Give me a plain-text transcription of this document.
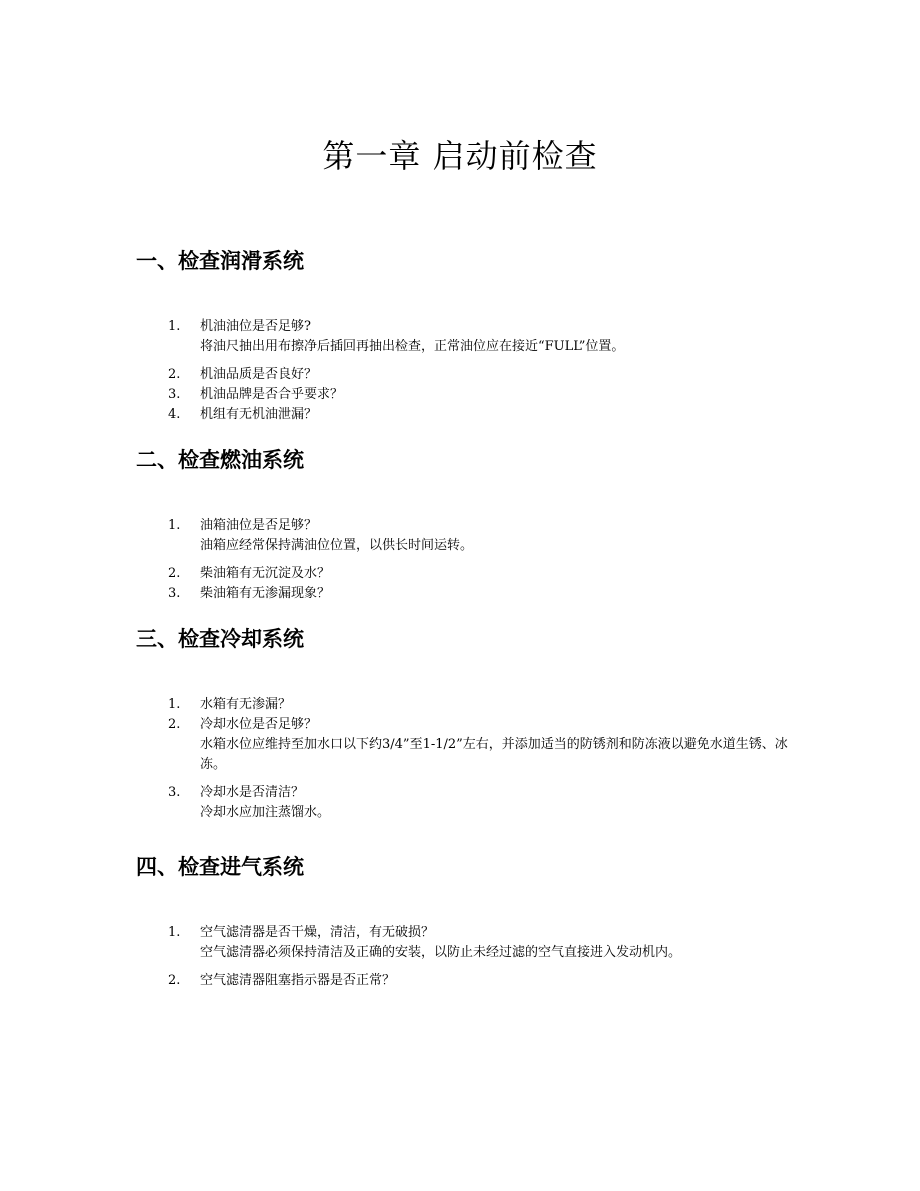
第一章 启动前检查
一、检查润滑系统
1.	机油油位是否足够?
将油尺抽出用布擦净后插回再抽出检查，正常油位应在接近“FULL”位置。
2.	机油品质是否良好？
3.	机油品牌是否合乎要求？
4.	机组有无机油泄漏？
二、检查燃油系统
1.	油箱油位是否足够？
油箱应经常保持满油位位置，以供长时间运转。
2.	柴油箱有无沉淀及水？
3.	柴油箱有无渗漏现象？
三、检查冷却系统
1.	水箱有无渗漏？
2.	冷却水位是否足够？
水箱水位应维持至加水口以下约3/4”至1-1/2”左右，并添加适当的防锈剂和防冻液以避免水道生锈、冰冻。
3.	冷却水是否清洁？
冷却水应加注蒸馏水。
四、检查进气系统
1.	空气滤清器是否干燥，清洁，有无破损？
空气滤清器必须保持清洁及正确的安装，以防止未经过滤的空气直接进入发动机内。
2.	空气滤清器阻塞指示器是否正常？
